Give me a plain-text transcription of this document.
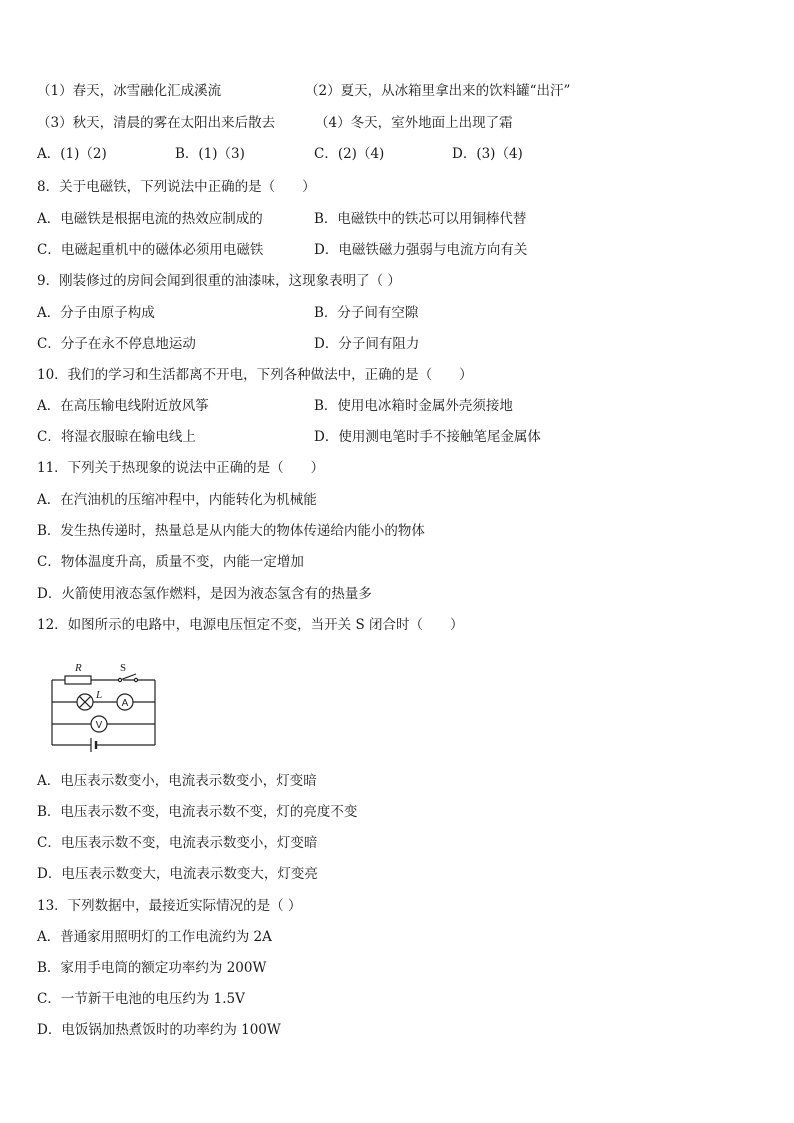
（1）春天，冰雪融化汇成溪流	（2）夏天，从冰箱里拿出来的饮料罐“出汗”
（3）秋天，清晨的雾在太阳出来后散去	（4）冬天，室外地面上出现了霜
A．(1)（2)	B．(1)（3)	C．(2)（4)	D．(3)（4)
8．关于电磁铁，下列说法中正确的是（　　）
A．电磁铁是根据电流的热效应制成的	B．电磁铁中的铁芯可以用铜棒代替
C．电磁起重机中的磁体必须用电磁铁	D．电磁铁磁力强弱与电流方向有关
9．刚装修过的房间会闻到很重的油漆味，这现象表明了（ ）
A．分子由原子构成	B．分子间有空隙
C．分子在永不停息地运动	D．分子间有阻力
10．我们的学习和生活都离不开电，下列各种做法中，正确的是（　　）
A．在高压输电线附近放风筝	B．使用电冰箱时金属外壳须接地
C．将湿衣服晾在输电线上	D．使用测电笔时手不接触笔尾金属体
11．下列关于热现象的说法中正确的是（　　）
A．在汽油机的压缩冲程中，内能转化为机械能
B．发生热传递时，热量总是从内能大的物体传递给内能小的物体
C．物体温度升高，质量不变，内能一定增加
D．火箭使用液态氢作燃料，是因为液态氢含有的热量多
12．如图所示的电路中，电源电压恒定不变，当开关 S 闭合时（　　）
A
V
R	S
L
A．电压表示数变小，电流表示数变小，灯变暗
B．电压表示数不变，电流表示数不变，灯的亮度不变
C．电压表示数不变，电流表示数变小，灯变暗
D．电压表示数变大，电流表示数变大，灯变亮
13．下列数据中，最接近实际情况的是（ ）
A．普通家用照明灯的工作电流约为 2A
B．家用手电筒的额定功率约为 200W
C．一节新干电池的电压约为 1.5V
D．电饭锅加热煮饭时的功率约为 100W
